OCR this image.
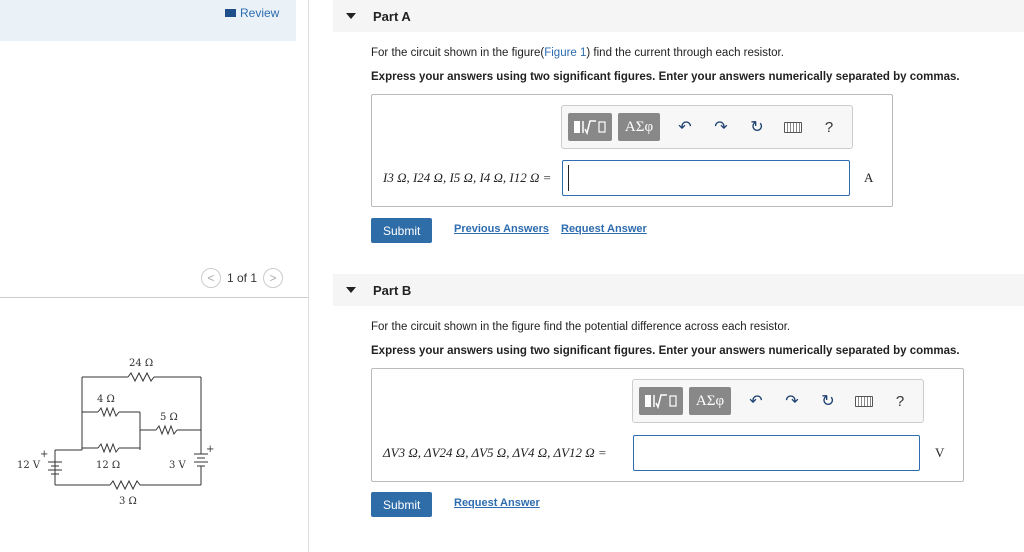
Review
<	1 of 1	>
24 Ω
4 Ω
5 Ω
12 Ω
3 Ω
12 V	3 V
+	+
Part A
For the circuit shown in the figure(Figure 1) find the current through each resistor.
Express your answers using two significant figures. Enter your answers numerically separated by commas.
ΑΣφ	↶ ↷ ↻	?
I3 Ω, I24 Ω, I5 Ω, I4 Ω, I12 Ω =	A
Submit	Previous Answers Request Answer
Part B
For the circuit shown in the figure find the potential difference across each resistor.
Express your answers using two significant figures. Enter your answers numerically separated by commas.
ΑΣφ	↶ ↷ ↻	?
ΔV3 Ω, ΔV24 Ω, ΔV5 Ω, ΔV4 Ω, ΔV12 Ω =	V
Submit	Request Answer
